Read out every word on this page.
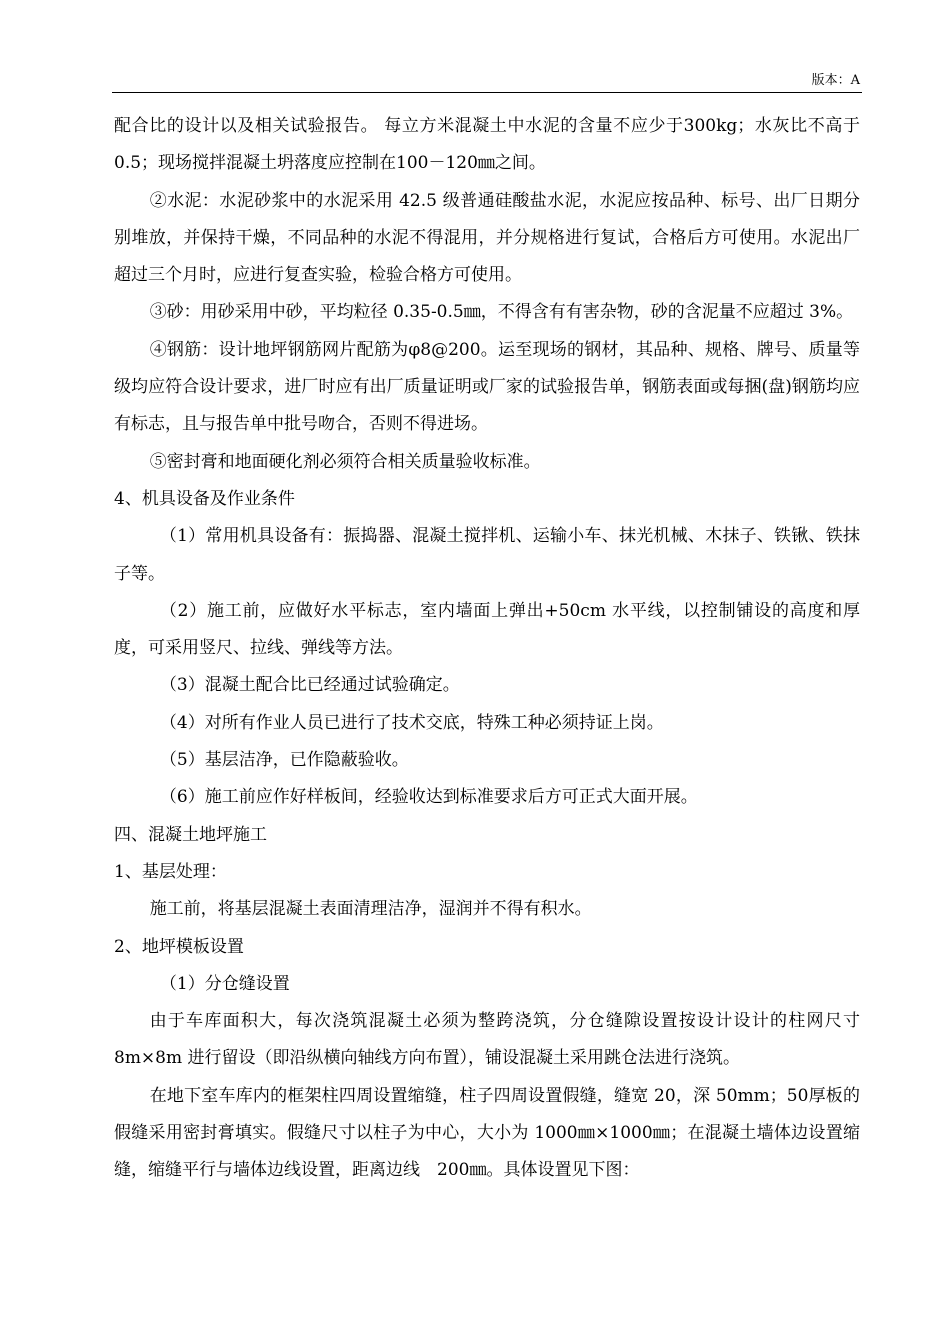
版本：A

配合比的设计以及相关试验报告。 每立方米混凝土中水泥的含量不应少于300kg；水灰比不高于0.5；现场搅拌混凝土坍落度应控制在100－120㎜之间。

②水泥：水泥砂浆中的水泥采用 42.5 级普通硅酸盐水泥，水泥应按品种、标号、出厂日期分别堆放，并保持干燥，不同品种的水泥不得混用，并分规格进行复试，合格后方可使用。水泥出厂超过三个月时，应进行复查实验，检验合格方可使用。

③砂：用砂采用中砂，平均粒径 0.35-0.5㎜，不得含有有害杂物，砂的含泥量不应超过 3%。

④钢筋：设计地坪钢筋网片配筋为φ8@200。运至现场的钢材，其品种、规格、牌号、质量等级均应符合设计要求，进厂时应有出厂质量证明或厂家的试验报告单，钢筋表面或每捆(盘)钢筋均应有标志，且与报告单中批号吻合，否则不得进场。

⑤密封膏和地面硬化剂必须符合相关质量验收标准。

4、机具设备及作业条件

（1）常用机具设备有：振捣器、混凝土搅拌机、运输小车、抹光机械、木抹子、铁锹、铁抹子等。

（2）施工前，应做好水平标志，室内墙面上弹出+50cm 水平线，以控制铺设的高度和厚度，可采用竖尺、拉线、弹线等方法。

（3）混凝土配合比已经通过试验确定。

（4）对所有作业人员已进行了技术交底，特殊工种必须持证上岗。

（5）基层洁净，已作隐蔽验收。

（6）施工前应作好样板间，经验收达到标准要求后方可正式大面开展。

四、混凝土地坪施工

1、基层处理：

施工前，将基层混凝土表面清理洁净，湿润并不得有积水。

2、地坪模板设置

（1）分仓缝设置

由于车库面积大，每次浇筑混凝土必须为整跨浇筑，分仓缝隙设置按设计设计的柱网尺寸 8m×8m 进行留设（即沿纵横向轴线方向布置），铺设混凝土采用跳仓法进行浇筑。

在地下室车库内的框架柱四周设置缩缝，柱子四周设置假缝，缝宽 20，深 50mm；50厚板的假缝采用密封膏填实。假缝尺寸以柱子为中心，大小为 1000㎜×1000㎜；在混凝土墙体边设置缩缝，缩缝平行与墙体边线设置，距离边线　200㎜。具体设置见下图：
